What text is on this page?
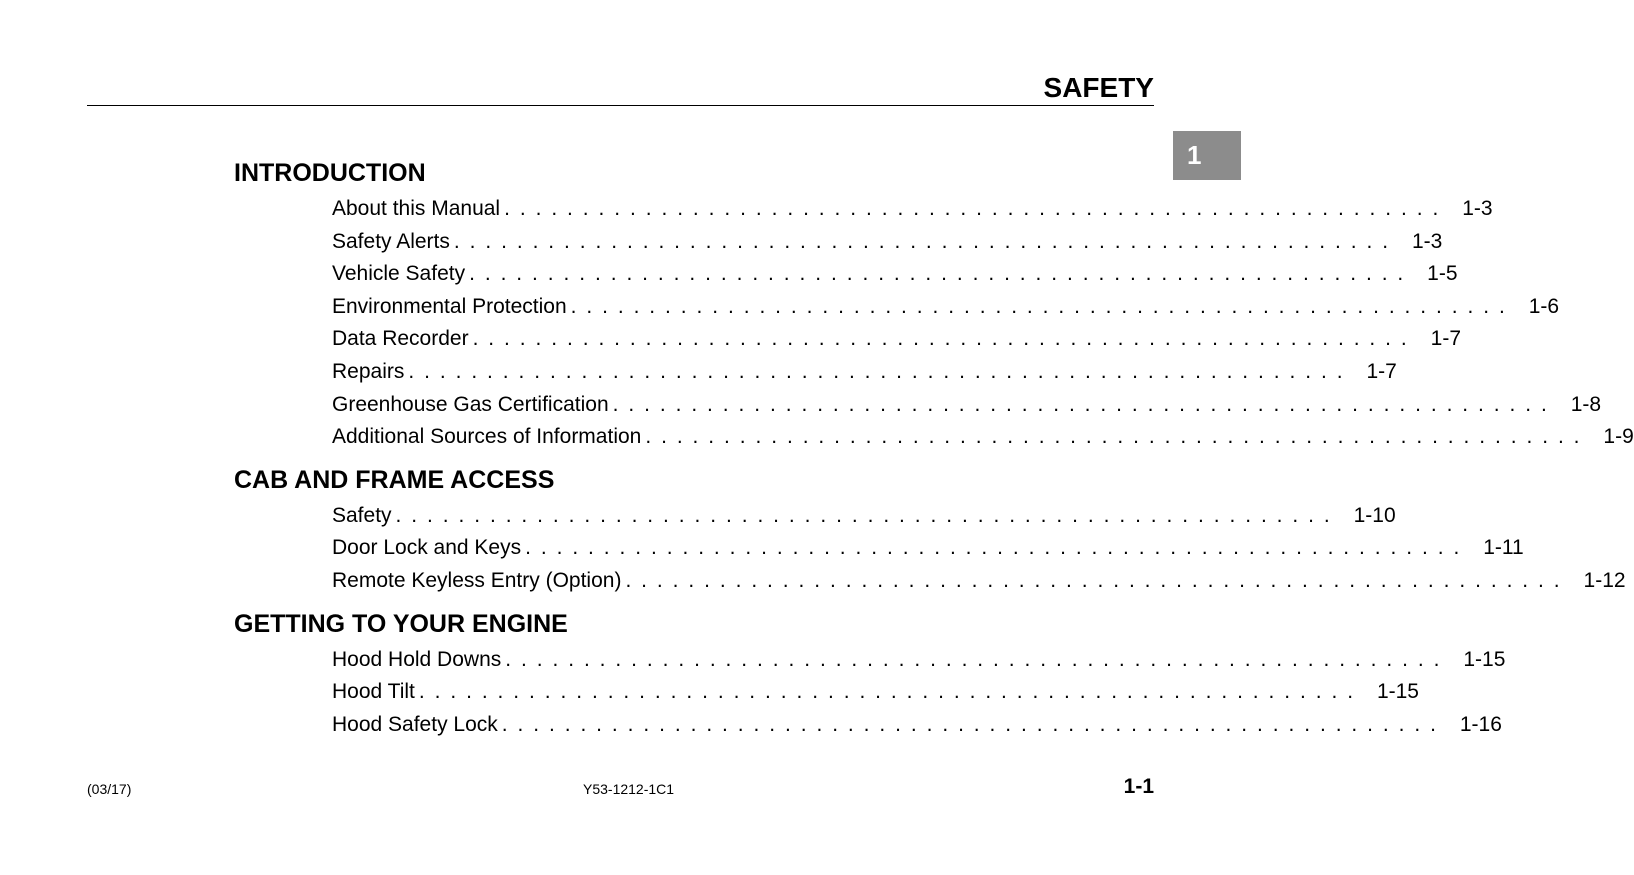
SAFETY
1
INTRODUCTION
About this Manual ............................................................ 1-3
Safety Alerts ............................................................ 1-3
Vehicle Safety ............................................................ 1-5
Environmental Protection ............................................................ 1-6
Data Recorder ............................................................ 1-7
Repairs ............................................................ 1-7
Greenhouse Gas Certification ............................................................ 1-8
Additional Sources of Information ............................................................ 1-9
CAB AND FRAME ACCESS
Safety ............................................................ 1-10
Door Lock and Keys ............................................................ 1-11
Remote Keyless Entry (Option) ............................................................ 1-12
GETTING TO YOUR ENGINE
Hood Hold Downs ............................................................ 1-15
Hood Tilt ............................................................ 1-15
Hood Safety Lock ............................................................ 1-16
(03/17)	Y53-1212-1C1	1-1
